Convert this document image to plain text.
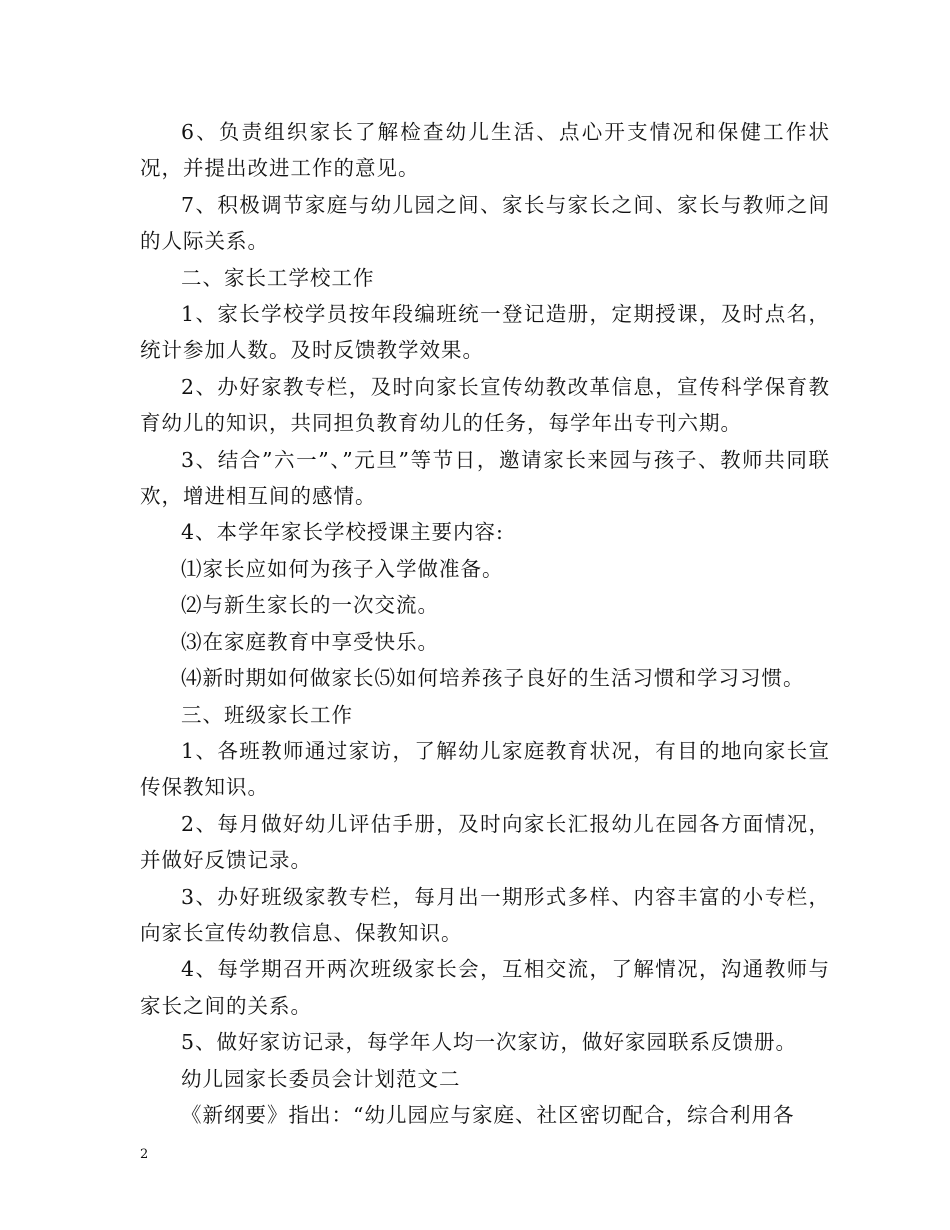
6、负责组织家长了解检查幼儿生活、点心开支情况和保健工作状况，并提出改进工作的意见。

7、积极调节家庭与幼儿园之间、家长与家长之间、家长与教师之间的人际关系。

二、家长工学校工作

1、家长学校学员按年段编班统一登记造册，定期授课，及时点名，统计参加人数。及时反馈教学效果。

2、办好家教专栏，及时向家长宣传幼教改革信息，宣传科学保育教育幼儿的知识，共同担负教育幼儿的任务，每学年出专刊六期。

3、结合”六一”、”元旦”等节日，邀请家长来园与孩子、教师共同联欢，增进相互间的感情。

4、本学年家长学校授课主要内容:

⑴家长应如何为孩子入学做准备。

⑵与新生家长的一次交流。

⑶在家庭教育中享受快乐。

⑷新时期如何做家长⑸如何培养孩子良好的生活习惯和学习习惯。

三、班级家长工作

1、各班教师通过家访，了解幼儿家庭教育状况，有目的地向家长宣传保教知识。

2、每月做好幼儿评估手册，及时向家长汇报幼儿在园各方面情况，并做好反馈记录。

3、办好班级家教专栏，每月出一期形式多样、内容丰富的小专栏，向家长宣传幼教信息、保教知识。

4、每学期召开两次班级家长会，互相交流，了解情况，沟通教师与家长之间的关系。

5、做好家访记录，每学年人均一次家访，做好家园联系反馈册。

幼儿园家长委员会计划范文二

《新纲要》指出：“幼儿园应与家庭、社区密切配合，综合利用各

2
